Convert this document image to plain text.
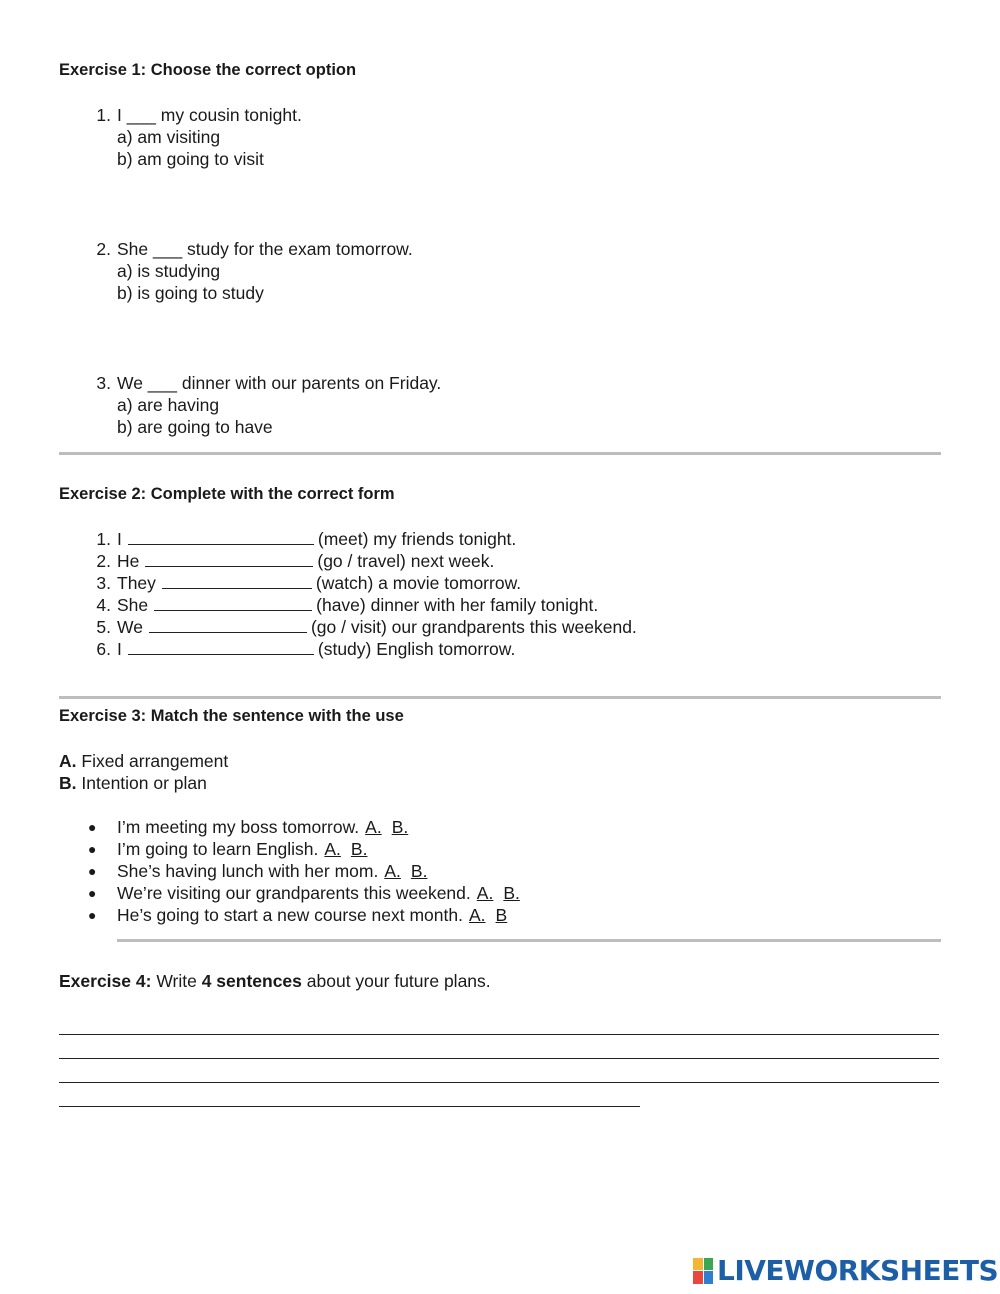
Exercise 1: Choose the correct option
1. I ___ my cousin tonight.
a) am visiting
b) am going to visit
2. She ___ study for the exam tomorrow.
a) is studying
b) is going to study
3. We ___ dinner with our parents on Friday.
a) are having
b) are going to have
Exercise 2: Complete with the correct form
1. I	(meet) my friends tonight.
2. He	(go / travel) next week.
3. They	(watch) a movie tomorrow.
4. She	(have) dinner with her family tonight.
5. We	(go / visit) our grandparents this weekend.
6. I	(study) English tomorrow.
Exercise 3: Match the sentence with the use
A. Fixed arrangement
B. Intention or plan
● I’m meeting my boss tomorrow. A. B.
● I’m going to learn English. A. B.
● She’s having lunch with her mom. A. B.
● We’re visiting our grandparents this weekend. A. B.
● He’s going to start a new course next month. A. B
Exercise 4: Write 4 sentences about your future plans.
LIVEWORKSHEETS
